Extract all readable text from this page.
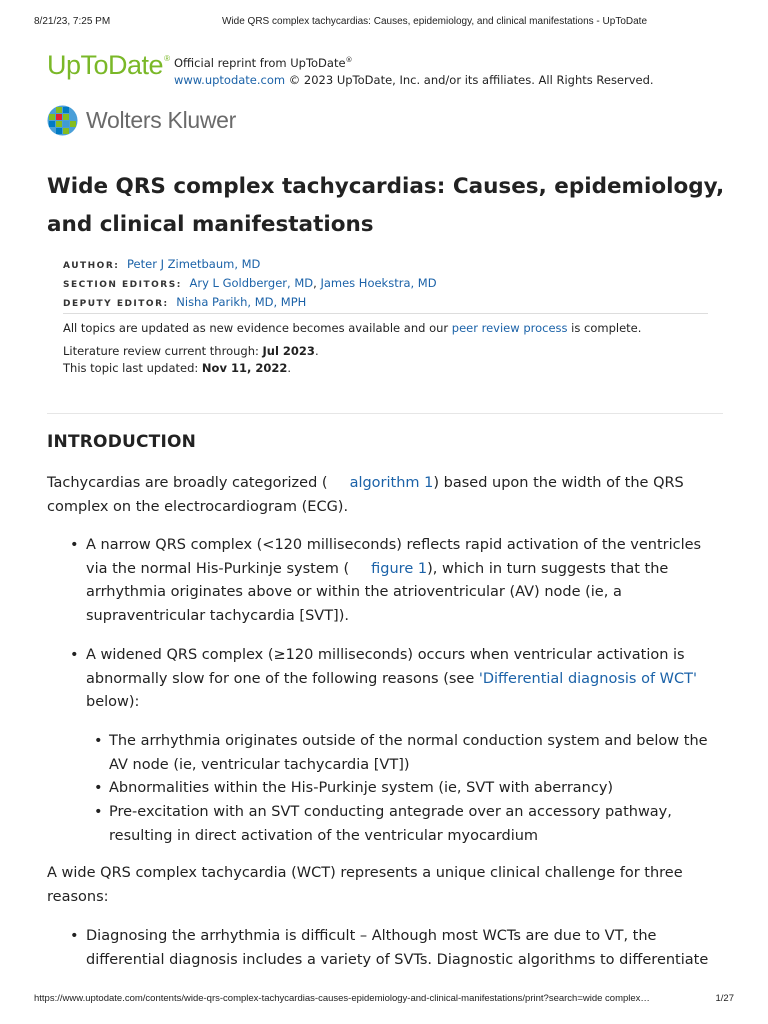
8/21/23, 7:25 PM	Wide QRS complex tachycardias: Causes, epidemiology, and clinical manifestations - UpToDate
UpToDate® Official reprint from UpToDate®
www.uptodate.com © 2023 UpToDate, Inc. and/or its affiliates. All Rights Reserved.
Wolters Kluwer
Wide QRS complex tachycardias: Causes, epidemiology, and clinical manifestations
AUTHOR: Peter J Zimetbaum, MD
SECTION EDITORS: Ary L Goldberger, MD, James Hoekstra, MD
DEPUTY EDITOR: Nisha Parikh, MD, MPH
All topics are updated as new evidence becomes available and our peer review process is complete.
Literature review current through: Jul 2023.
This topic last updated: Nov 11, 2022.
INTRODUCTION

Tachycardias are broadly categorized ( algorithm 1) based upon the width of the QRS complex on the electrocardiogram (ECG).

• A narrow QRS complex (<120 milliseconds) reflects rapid activation of the ventricles via the normal His-Purkinje system ( figure 1), which in turn suggests that the arrhythmia originates above or within the atrioventricular (AV) node (ie, a supraventricular tachycardia [SVT]).

• A widened QRS complex (≥120 milliseconds) occurs when ventricular activation is abnormally slow for one of the following reasons (see 'Differential diagnosis of WCT' below):

• The arrhythmia originates outside of the normal conduction system and below the AV node (ie, ventricular tachycardia [VT])

• Abnormalities within the His-Purkinje system (ie, SVT with aberrancy)

• Pre-excitation with an SVT conducting antegrade over an accessory pathway, resulting in direct activation of the ventricular myocardium

A wide QRS complex tachycardia (WCT) represents a unique clinical challenge for three reasons:

• Diagnosing the arrhythmia is difficult – Although most WCTs are due to VT, the differential diagnosis includes a variety of SVTs. Diagnostic algorithms to differentiate

https://www.uptodate.com/contents/wide-qrs-complex-tachycardias-causes-epidemiology-and-clinical-manifestations/print?search=wide complex…	1/27
